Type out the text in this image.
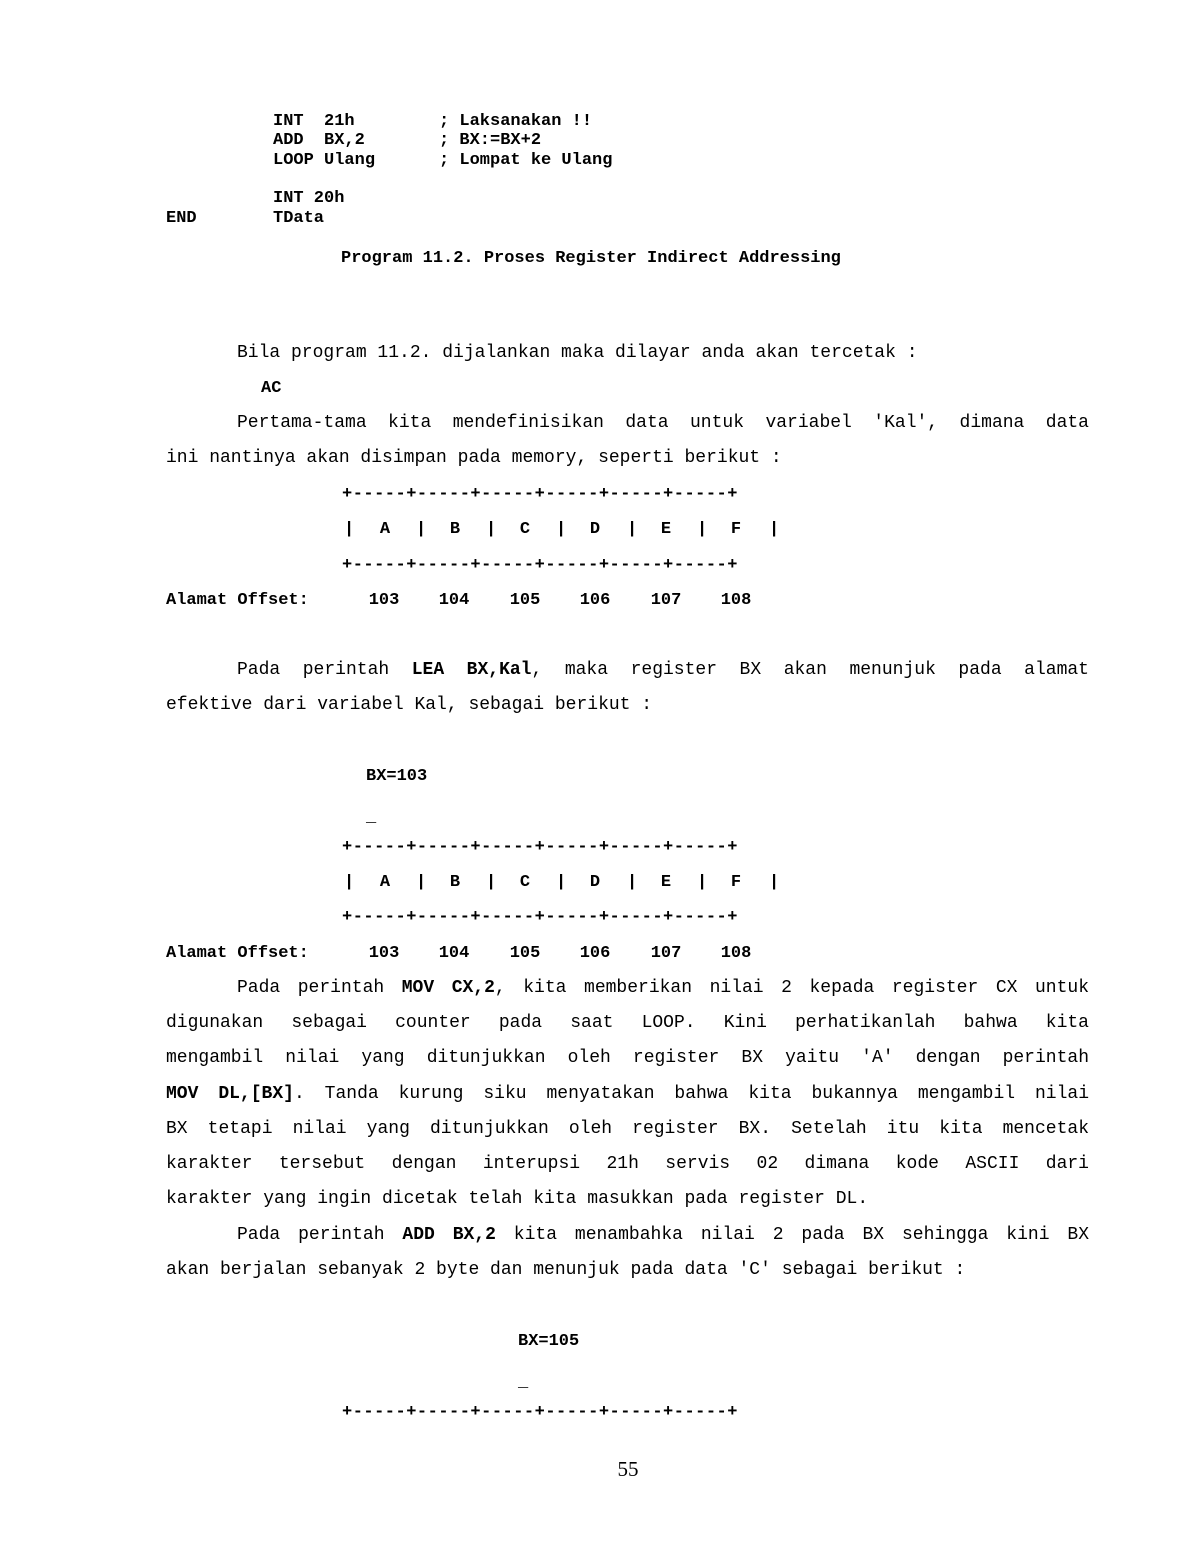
INT  21h	; Laksanakan !!
ADD  BX,2	; BX:=BX+2
LOOP Ulang	; Lompat ke Ulang
INT 20h
END	TData
Program 11.2. Proses Register Indirect Addressing
Bila program 11.2. dijalankan maka dilayar anda akan tercetak :
AC
Pertama-tama kita mendefinisikan data untuk variabel 'Kal', dimana data
ini nantinya akan disimpan pada memory, seperti berikut :
+-----+-----+-----+-----+-----+-----+
|	A	|	B	|	C	|	D	|	E	|	F	|
+-----+-----+-----+-----+-----+-----+
Alamat Offset:	103	104	105	106	107	108
Pada perintah LEA BX,Kal, maka register BX akan menunjuk pada alamat
efektive dari variabel Kal, sebagai berikut :
BX=103
_
+-----+-----+-----+-----+-----+-----+
|	A	|	B	|	C	|	D	|	E	|	F	|
+-----+-----+-----+-----+-----+-----+
Alamat Offset:	103	104	105	106	107	108
Pada perintah MOV CX,2, kita memberikan nilai 2 kepada register CX untuk
digunakan sebagai counter pada saat LOOP. Kini perhatikanlah bahwa kita
mengambil nilai yang ditunjukkan oleh register BX yaitu 'A' dengan perintah
MOV DL,[BX]. Tanda kurung siku menyatakan bahwa kita bukannya mengambil nilai
BX tetapi nilai yang ditunjukkan oleh register BX. Setelah itu kita mencetak
karakter tersebut dengan interupsi 21h servis 02 dimana kode ASCII dari
karakter yang ingin dicetak telah kita masukkan pada register DL.
Pada perintah ADD BX,2 kita menambahka nilai 2 pada BX sehingga kini BX
akan berjalan sebanyak 2 byte dan menunjuk pada data 'C' sebagai berikut :
BX=105
_
+-----+-----+-----+-----+-----+-----+
55
